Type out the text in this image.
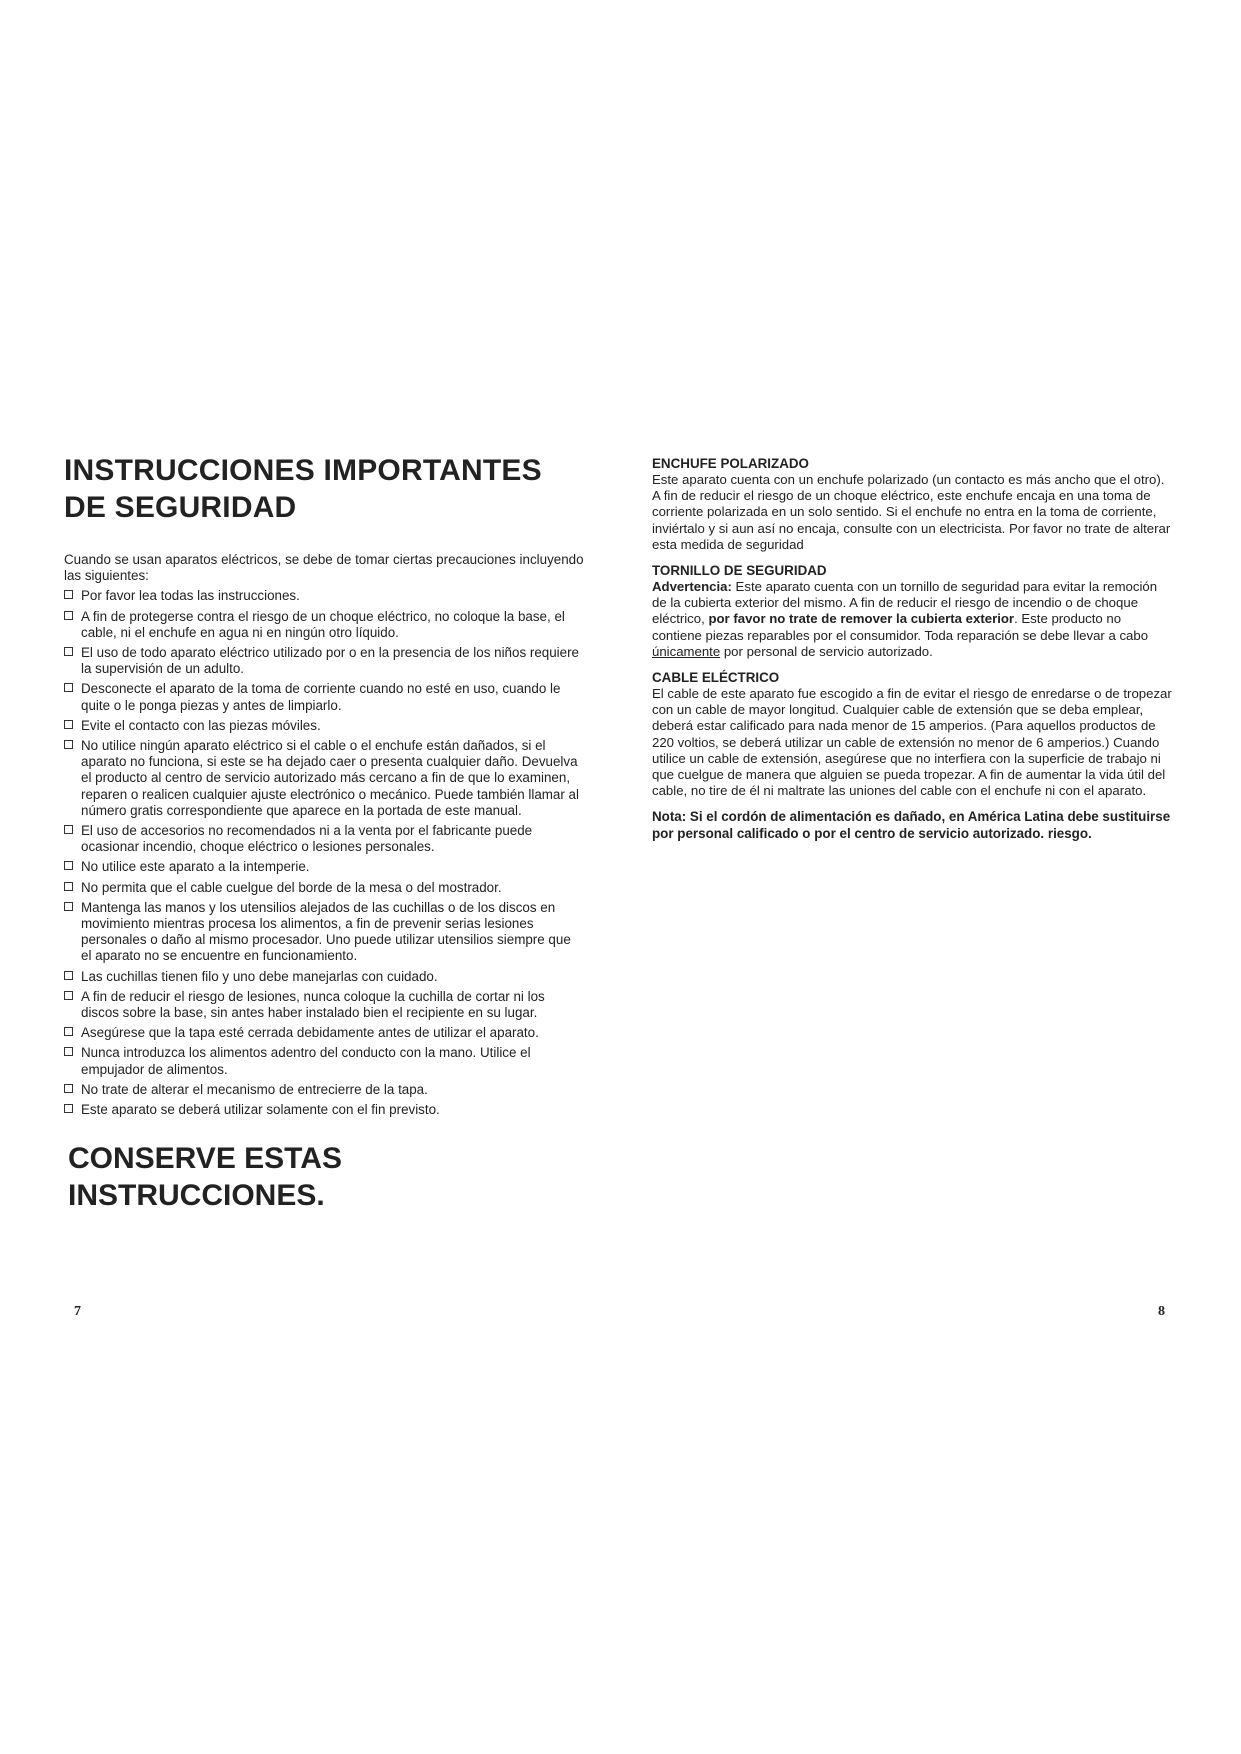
INSTRUCCIONES IMPORTANTES
DE SEGURIDAD

Cuando se usan aparatos eléctricos, se debe de tomar ciertas precauciones incluyendo las siguientes:

Por favor lea todas las instrucciones.
A fin de protegerse contra el riesgo de un choque eléctrico, no coloque la base, el cable, ni el enchufe en agua ni en ningún otro líquido.
El uso de todo aparato eléctrico utilizado por o en la presencia de los niños requiere la supervisión de un adulto.
Desconecte el aparato de la toma de corriente cuando no esté en uso, cuando le quite o le ponga piezas y antes de limpiarlo.
Evite el contacto con las piezas móviles.
No utilice ningún aparato eléctrico si el cable o el enchufe están dañados, si el aparato no funciona, si este se ha dejado caer o presenta cualquier daño. Devuelva el producto al centro de servicio autorizado más cercano a fin de que lo examinen, reparen o realicen cualquier ajuste electrónico o mecánico. Puede también llamar al número gratis correspondiente que aparece en la portada de este manual.
El uso de accesorios no recomendados ni a la venta por el fabricante puede ocasionar incendio, choque eléctrico o lesiones personales.
No utilice este aparato a la intemperie.
No permita que el cable cuelgue del borde de la mesa o del mostrador.
Mantenga las manos y los utensilios alejados de las cuchillas o de los discos en movimiento mientras procesa los alimentos, a fin de prevenir serias lesiones personales o daño al mismo procesador. Uno puede utilizar utensilios siempre que el aparato no se encuentre en funcionamiento.
Las cuchillas tienen filo y uno debe manejarlas con cuidado.
A fin de reducir el riesgo de lesiones, nunca coloque la cuchilla de cortar ni los discos sobre la base, sin antes haber instalado bien el recipiente en su lugar.
Asegúrese que la tapa esté cerrada debidamente antes de utilizar el aparato.
Nunca introduzca los alimentos adentro del conducto con la mano. Utilice el empujador de alimentos.
No trate de alterar el mecanismo de entrecierre de la tapa.
Este aparato se deberá utilizar solamente con el fin previsto.
CONSERVE ESTAS
INSTRUCCIONES.
ENCHUFE POLARIZADO
Este aparato cuenta con un enchufe polarizado (un contacto es más ancho que el otro). A fin de reducir el riesgo de un choque eléctrico, este enchufe encaja en una toma de corriente polarizada en un solo sentido. Si el enchufe no entra en la toma de corriente, inviértalo y si aun así no encaja, consulte con un electricista. Por favor no trate de alterar esta medida de seguridad
TORNILLO DE SEGURIDAD
Advertencia: Este aparato cuenta con un tornillo de seguridad para evitar la remoción de la cubierta exterior del mismo. A fin de reducir el riesgo de incendio o de choque eléctrico, por favor no trate de remover la cubierta exterior. Este producto no contiene piezas reparables por el consumidor. Toda reparación se debe llevar a cabo únicamente por personal de servicio autorizado.
CABLE ELÉCTRICO
El cable de este aparato fue escogido a fin de evitar el riesgo de enredarse o de tropezar con un cable de mayor longitud. Cualquier cable de extensión que se deba emplear, deberá estar calificado para nada menor de 15 amperios. (Para aquellos productos de 220 voltios, se deberá utilizar un cable de extensión no menor de 6 amperios.) Cuando utilice un cable de extensión, asegúrese que no interfiera con la superficie de trabajo ni que cuelgue de manera que alguien se pueda tropezar. A fin de aumentar la vida útil del cable, no tire de él ni maltrate las uniones del cable con el enchufe ni con el aparato.
Nota: Si el cordón de alimentación es dañado, en América Latina debe sustituirse por personal calificado o por el centro de servicio autorizado. riesgo.
7	8
